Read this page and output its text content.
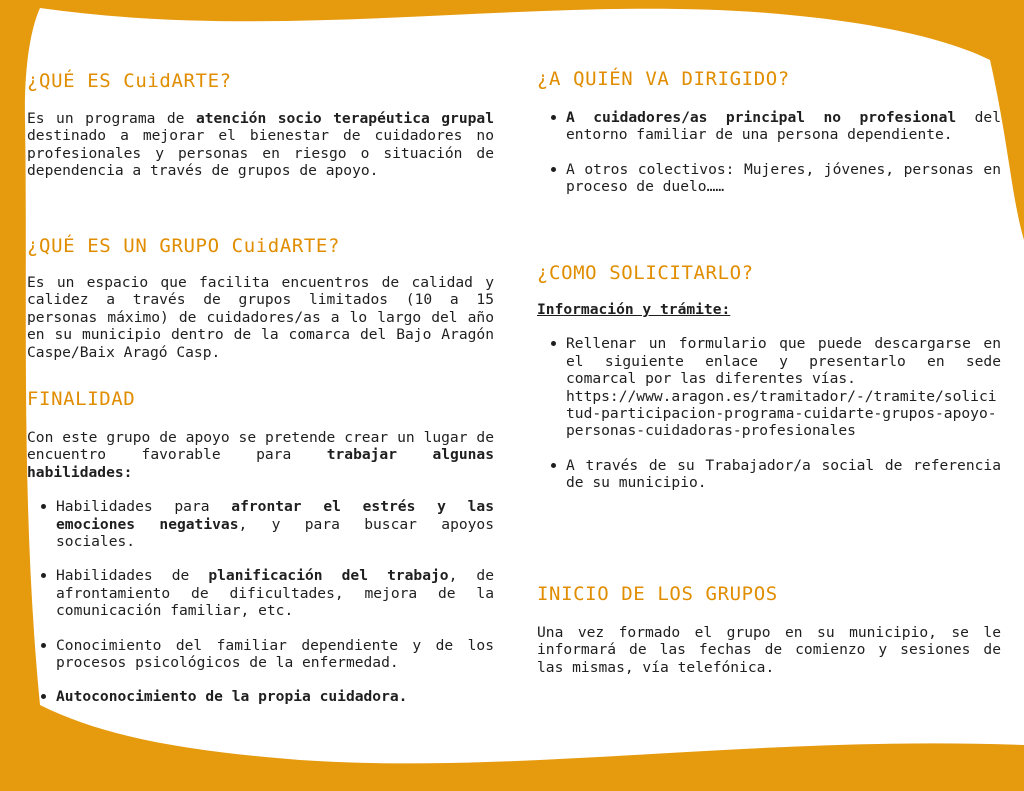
¿QUÉ ES CuidARTE?

Es un programa de atención socio terapéutica grupal destinado a mejorar el bienestar de cuidadores no profesionales y personas en riesgo o situación de dependencia a través de grupos de apoyo.

¿QUÉ ES UN GRUPO CuidARTE?

Es un espacio que facilita encuentros de calidad y calidez a través de grupos limitados (10 a 15 personas máximo) de cuidadores/as a lo largo del año en su municipio dentro de la comarca del Bajo Aragón Caspe/Baix Aragó Casp.

FINALIDAD

Con este grupo de apoyo se pretende crear un lugar de encuentro favorable para trabajar algunas habilidades:

Habilidades para afrontar el estrés y las emociones negativas, y para buscar apoyos sociales.
Habilidades de planificación del trabajo, de afrontamiento de dificultades, mejora de la comunicación familiar, etc.
Conocimiento del familiar dependiente y de los procesos psicológicos de la enfermedad.
Autoconocimiento de la propia cuidadora.
¿A QUIÉN VA DIRIGIDO?
A cuidadores/as principal no profesional del entorno familiar de una persona dependiente.
A otros colectivos: Mujeres, jóvenes, personas en proceso de duelo……
¿COMO SOLICITARLO?

Información y trámite:

Rellenar un formulario que puede descargarse en el siguiente enlace y presentarlo en sede comarcal por las diferentes vías.
https://www.aragon.es/tramitador/-/tramite/solicitud-participacion-programa-cuidarte-grupos-apoyo-personas-cuidadoras-profesionales
A través de su Trabajador/a social de referencia de su municipio.
INICIO DE LOS GRUPOS

Una vez formado el grupo en su municipio, se le informará de las fechas de comienzo y sesiones de las mismas, vía telefónica.
